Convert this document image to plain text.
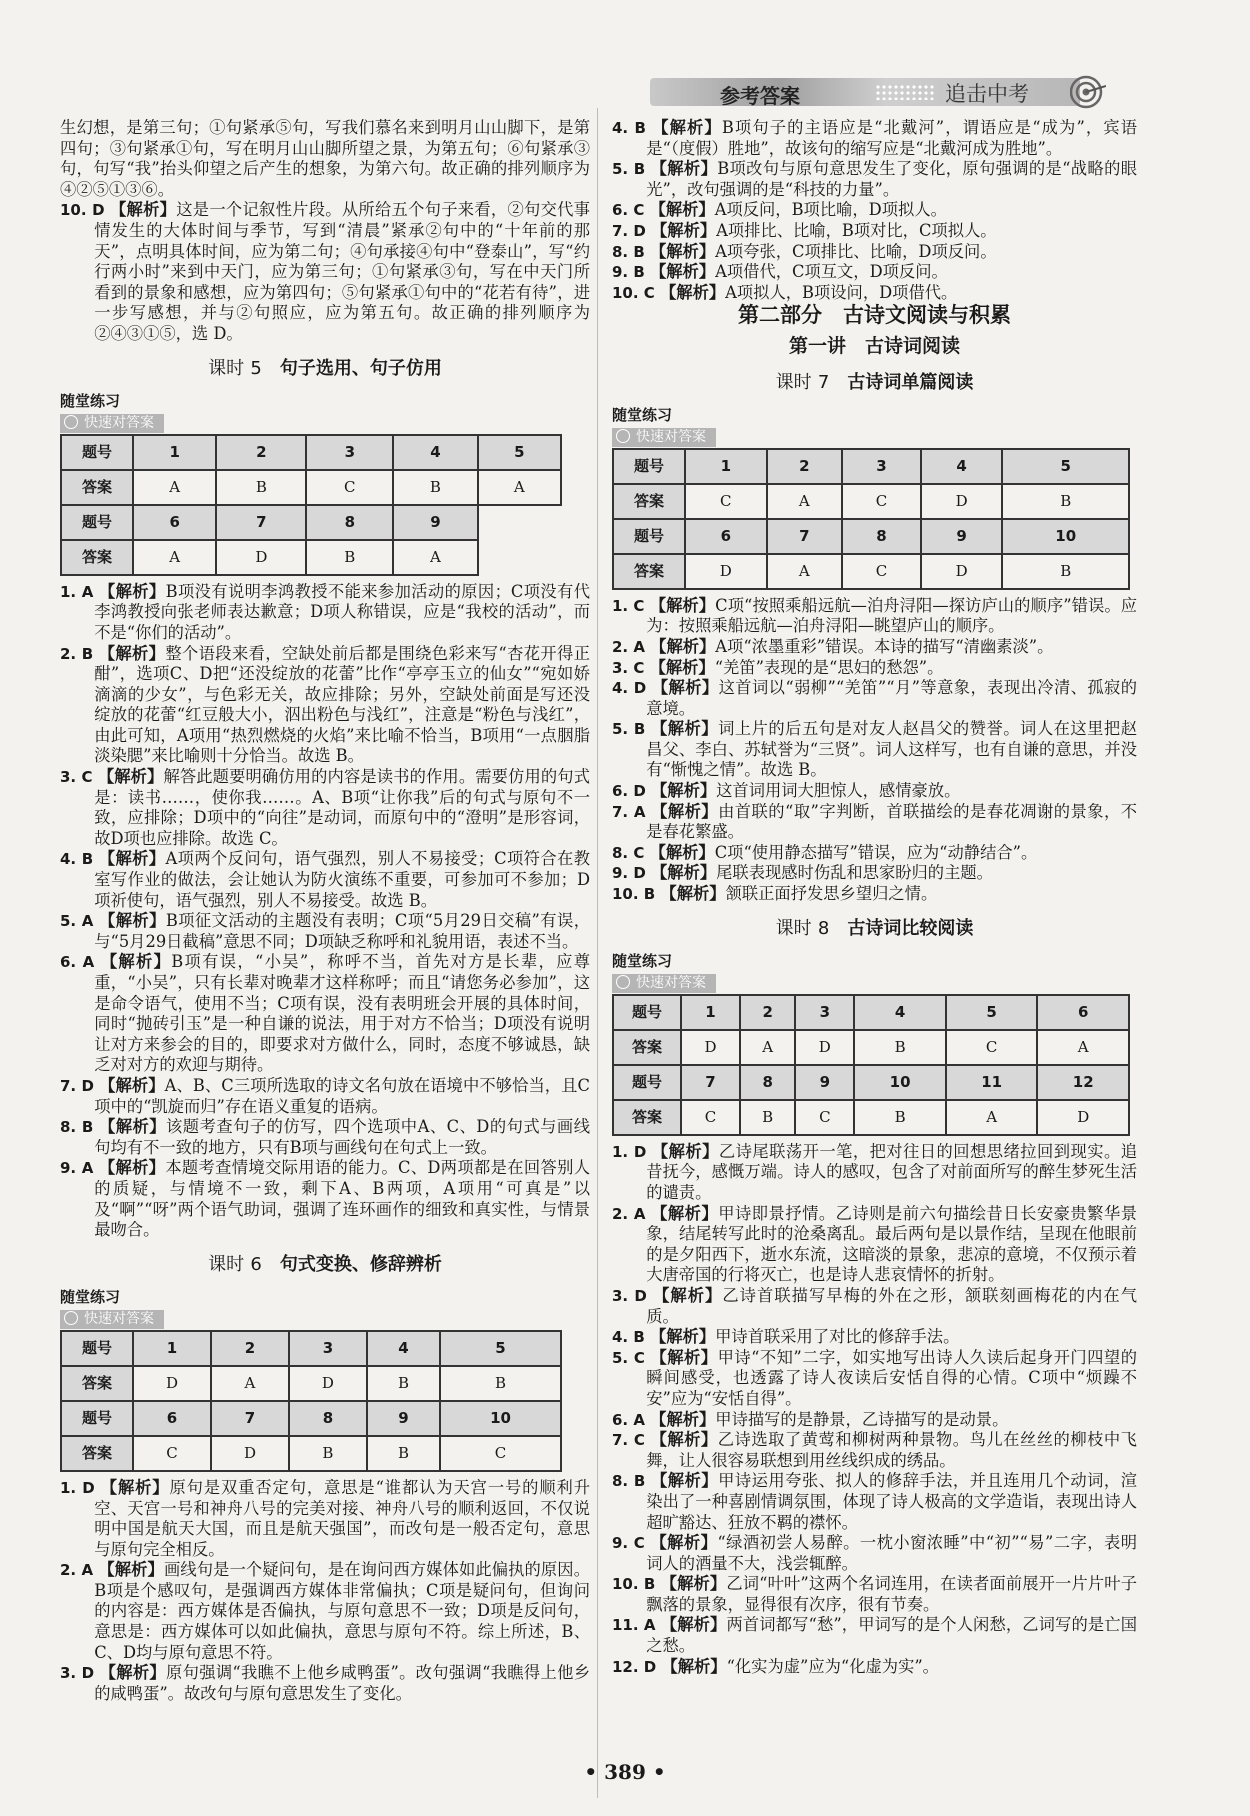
参考答案	追击中考

生幻想，是第三句；①句紧承⑤句，写我们慕名来到明月山山脚下，是第四句；③句紧承①句，写在明月山山脚所望之景，为第五句；⑥句紧承③句，句写“我”抬头仰望之后产生的想象，为第六句。故正确的排列顺序为④②⑤①③⑥。

10. D 【解析】这是一个记叙性片段。从所给五个句子来看，②句交代事情发生的大体时间与季节，写到“清晨”紧承②句中的“十年前的那天”，点明具体时间，应为第二句；④句承接④句中“登泰山”，写“约行两小时”来到中天门，应为第三句；①句紧承③句，写在中天门所看到的景象和感想，应为第四句；⑤句紧承①句中的“花若有待”，进一步写感想，并与②句照应，应为第五句。故正确的排列顺序为②④③①⑤，选 D。

课时 5　 句子选用、句子仿用
随堂练习
快速对答案
题号	1	2	3	4	5
答案	A	B	C	B	A
题号	6	7	8	9	
答案	A	D	B	A	

1. A 【解析】B项没有说明李鸿教授不能来参加活动的原因；C项没有代李鸿教授向张老师表达歉意；D项人称错误，应是“我校的活动”，而不是“你们的活动”。

2. B 【解析】整个语段来看，空缺处前后都是围绕色彩来写“杏花开得正酣”，选项C、D把“还没绽放的花蕾”比作“亭亭玉立的仙女”“宛如娇滴滴的少女”，与色彩无关，故应排除；另外，空缺处前面是写还没绽放的花蕾“红豆般大小，泅出粉色与浅红”，注意是“粉色与浅红”，由此可知，A项用“热烈燃烧的火焰”来比喻不恰当，B项用“一点胭脂淡染腮”来比喻则十分恰当。故选 B。

3. C 【解析】解答此题要明确仿用的内容是读书的作用。需要仿用的句式是：读书……，使你我……。A、B项“让你我”后的句式与原句不一致，应排除；D项中的“向往”是动词，而原句中的“澄明”是形容词，故D项也应排除。故选 C。

4. B 【解析】A项两个反问句，语气强烈，别人不易接受；C项符合在教室写作业的做法，会让她认为防火演练不重要，可参加可不参加；D项祈使句，语气强烈，别人不易接受。故选 B。

5. A 【解析】B项征文活动的主题没有表明；C项“5月29日交稿”有误，与“5月29日截稿”意思不同；D项缺乏称呼和礼貌用语，表述不当。

6. A 【解析】B项有误，“小吴”，称呼不当，首先对方是长辈，应尊重，“小吴”，只有长辈对晚辈才这样称呼；而且“请您务必参加”，这是命令语气，使用不当；C项有误，没有表明班会开展的具体时间，同时“抛砖引玉”是一种自谦的说法，用于对方不恰当；D项没有说明让对方来参会的目的，即要求对方做什么，同时，态度不够诚恳，缺乏对对方的欢迎与期待。

7. D 【解析】A、B、C三项所选取的诗文名句放在语境中不够恰当，且C项中的“凯旋而归”存在语义重复的语病。

8. B 【解析】该题考查句子的仿写，四个选项中A、C、D的句式与画线句均有不一致的地方，只有B项与画线句在句式上一致。

9. A 【解析】本题考查情境交际用语的能力。C、D两项都是在回答别人的质疑，与情境不一致，剩下A、B两项，A项用“可真是”以及“啊”“呀”两个语气助词，强调了连环画作的细致和真实性，与情景最吻合。

课时 6　 句式变换、修辞辨析
随堂练习
快速对答案
题号	1	2	3	4	5
答案	D	A	D	B	B
题号	6	7	8	9	10
答案	C	D	B	B	C

1. D 【解析】原句是双重否定句，意思是“谁都认为天宫一号的顺利升空、天宫一号和神舟八号的完美对接、神舟八号的顺利返回，不仅说明中国是航天大国，而且是航天强国”，而改句是一般否定句，意思与原句完全相反。

2. A 【解析】画线句是一个疑问句，是在询问西方媒体如此偏执的原因。B项是个感叹句，是强调西方媒体非常偏执；C项是疑问句，但询问的内容是：西方媒体是否偏执，与原句意思不一致；D项是反问句，意思是：西方媒体可以如此偏执，意思与原句不符。综上所述，B、C、D均与原句意思不符。

3. D 【解析】原句强调“我瞧不上他乡咸鸭蛋”。改句强调“我瞧得上他乡的咸鸭蛋”。故改句与原句意思发生了变化。

4. B 【解析】B项句子的主语应是“北戴河”，谓语应是“成为”，宾语是“（度假）胜地”，故该句的缩写应是“北戴河成为胜地”。

5. B 【解析】B项改句与原句意思发生了变化，原句强调的是“战略的眼光”，改句强调的是“科技的力量”。

6. C 【解析】A项反问，B项比喻，D项拟人。

7. D 【解析】A项排比、比喻，B项对比，C项拟人。

8. B 【解析】A项夸张，C项排比、比喻，D项反问。

9. B 【解析】A项借代，C项互文，D项反问。

10. C 【解析】A项拟人，B项设问，D项借代。

第二部分　古诗文阅读与积累
第一讲　古诗词阅读
课时 7　 古诗词单篇阅读
随堂练习
快速对答案
题号	1	2	3	4	5
答案	C	A	C	D	B
题号	6	7	8	9	10
答案	D	A	C	D	B

1. C 【解析】C项“按照乘船远航—泊舟浔阳—探访庐山的顺序”错误。应为：按照乘船远航—泊舟浔阳—眺望庐山的顺序。

2. A 【解析】A项“浓墨重彩”错误。本诗的描写“清幽素淡”。

3. C 【解析】“羌笛”表现的是“思妇的愁怨”。

4. D 【解析】这首词以“弱柳”“羌笛”“月”等意象，表现出冷清、孤寂的意境。

5. B 【解析】词上片的后五句是对友人赵昌父的赞誉。词人在这里把赵昌父、李白、苏轼誉为“三贤”。词人这样写，也有自谦的意思，并没有“惭愧之情”。故选 B。

6. D 【解析】这首词用词大胆惊人，感情豪放。

7. A 【解析】由首联的“取”字判断，首联描绘的是春花凋谢的景象，不是春花繁盛。

8. C 【解析】C项“使用静态描写”错误，应为“动静结合”。

9. D 【解析】尾联表现感时伤乱和思家盼归的主题。

10. B 【解析】颔联正面抒发思乡望归之情。

课时 8　 古诗词比较阅读
随堂练习
快速对答案
题号	1	2	3	4	5	6
答案	D	A	D	B	C	A
题号	7	8	9	10	11	12
答案	C	B	C	B	A	D

1. D 【解析】乙诗尾联荡开一笔，把对往日的回想思绪拉回到现实。追昔抚今，感慨万端。诗人的感叹，包含了对前面所写的醉生梦死生活的谴责。

2. A 【解析】甲诗即景抒情。乙诗则是前六句描绘昔日长安豪贵繁华景象，结尾转写此时的沧桑离乱。最后两句是以景作结，呈现在他眼前的是夕阳西下，逝水东流，这暗淡的景象，悲凉的意境，不仅预示着大唐帝国的行将灭亡，也是诗人悲哀情怀的折射。

3. D 【解析】乙诗首联描写早梅的外在之形，颔联刻画梅花的内在气质。

4. B 【解析】甲诗首联采用了对比的修辞手法。

5. C 【解析】甲诗“不知”二字，如实地写出诗人久读后起身开门四望的瞬间感受，也透露了诗人夜读后安恬自得的心情。C项中“烦躁不安”应为“安恬自得”。

6. A 【解析】甲诗描写的是静景，乙诗描写的是动景。

7. C 【解析】乙诗选取了黄莺和柳树两种景物。鸟儿在丝丝的柳枝中飞舞，让人很容易联想到用丝线织成的绣品。

8. B 【解析】甲诗运用夸张、拟人的修辞手法，并且连用几个动词，渲染出了一种喜剧情调氛围，体现了诗人极高的文学造诣，表现出诗人超旷豁达、狂放不羁的襟怀。

9. C 【解析】“绿酒初尝人易醉。一枕小窗浓睡”中“初”“易”二字，表明词人的酒量不大，浅尝辄醉。

10. B 【解析】乙词“叶叶”这两个名词连用，在读者面前展开一片片叶子飘落的景象，显得很有次序，很有节奏。

11. A 【解析】两首词都写“愁”，甲词写的是个人闲愁，乙词写的是亡国之愁。

12. D 【解析】“化实为虚”应为“化虚为实”。

• 389 •
